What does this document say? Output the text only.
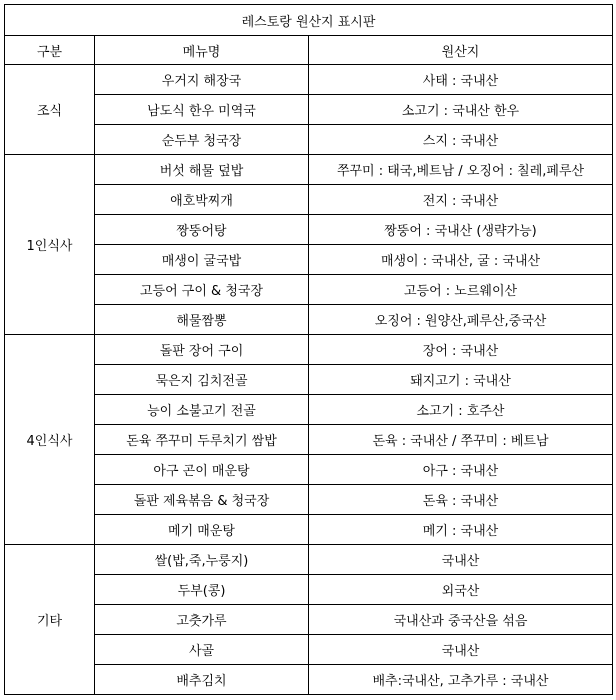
레스토랑 원산지 표시판		
구분	메뉴명	원산지
조식	우거지 해장국	사태 : 국내산
	남도식 한우 미역국	소고기 : 국내산 한우
	순두부 청국장	스지 : 국내산
1인식사	버섯 해물 덮밥	쭈꾸미 : 태국,베트남 / 오징어 : 칠레,페루산
	애호박찌개	전지 : 국내산
	짱뚱어탕	짱뚱어 : 국내산 (생략가능)
	매생이 굴국밥	매생이 : 국내산, 굴 : 국내산
	고등어 구이 & 청국장	고등어 : 노르웨이산
	해물짬뽕	오징어 : 원양산,페루산,중국산
4인식사	돌판 장어 구이	장어 : 국내산
	묵은지 김치전골	돼지고기 : 국내산
	능이 소불고기 전골	소고기 : 호주산
	돈육 쭈꾸미 두루치기 쌈밥	돈육 : 국내산 / 쭈꾸미 : 베트남
	아구 곤이 매운탕	아구 : 국내산
	돌판 제육볶음 & 청국장	돈육 : 국내산
	메기 매운탕	메기 : 국내산
기타	쌀(밥,죽,누룽지)	국내산
	두부(콩)	외국산
	고춧가루	국내산과 중국산을 섞음
	사골	국내산
	배추김치	배추:국내산, 고추가루 : 국내산
